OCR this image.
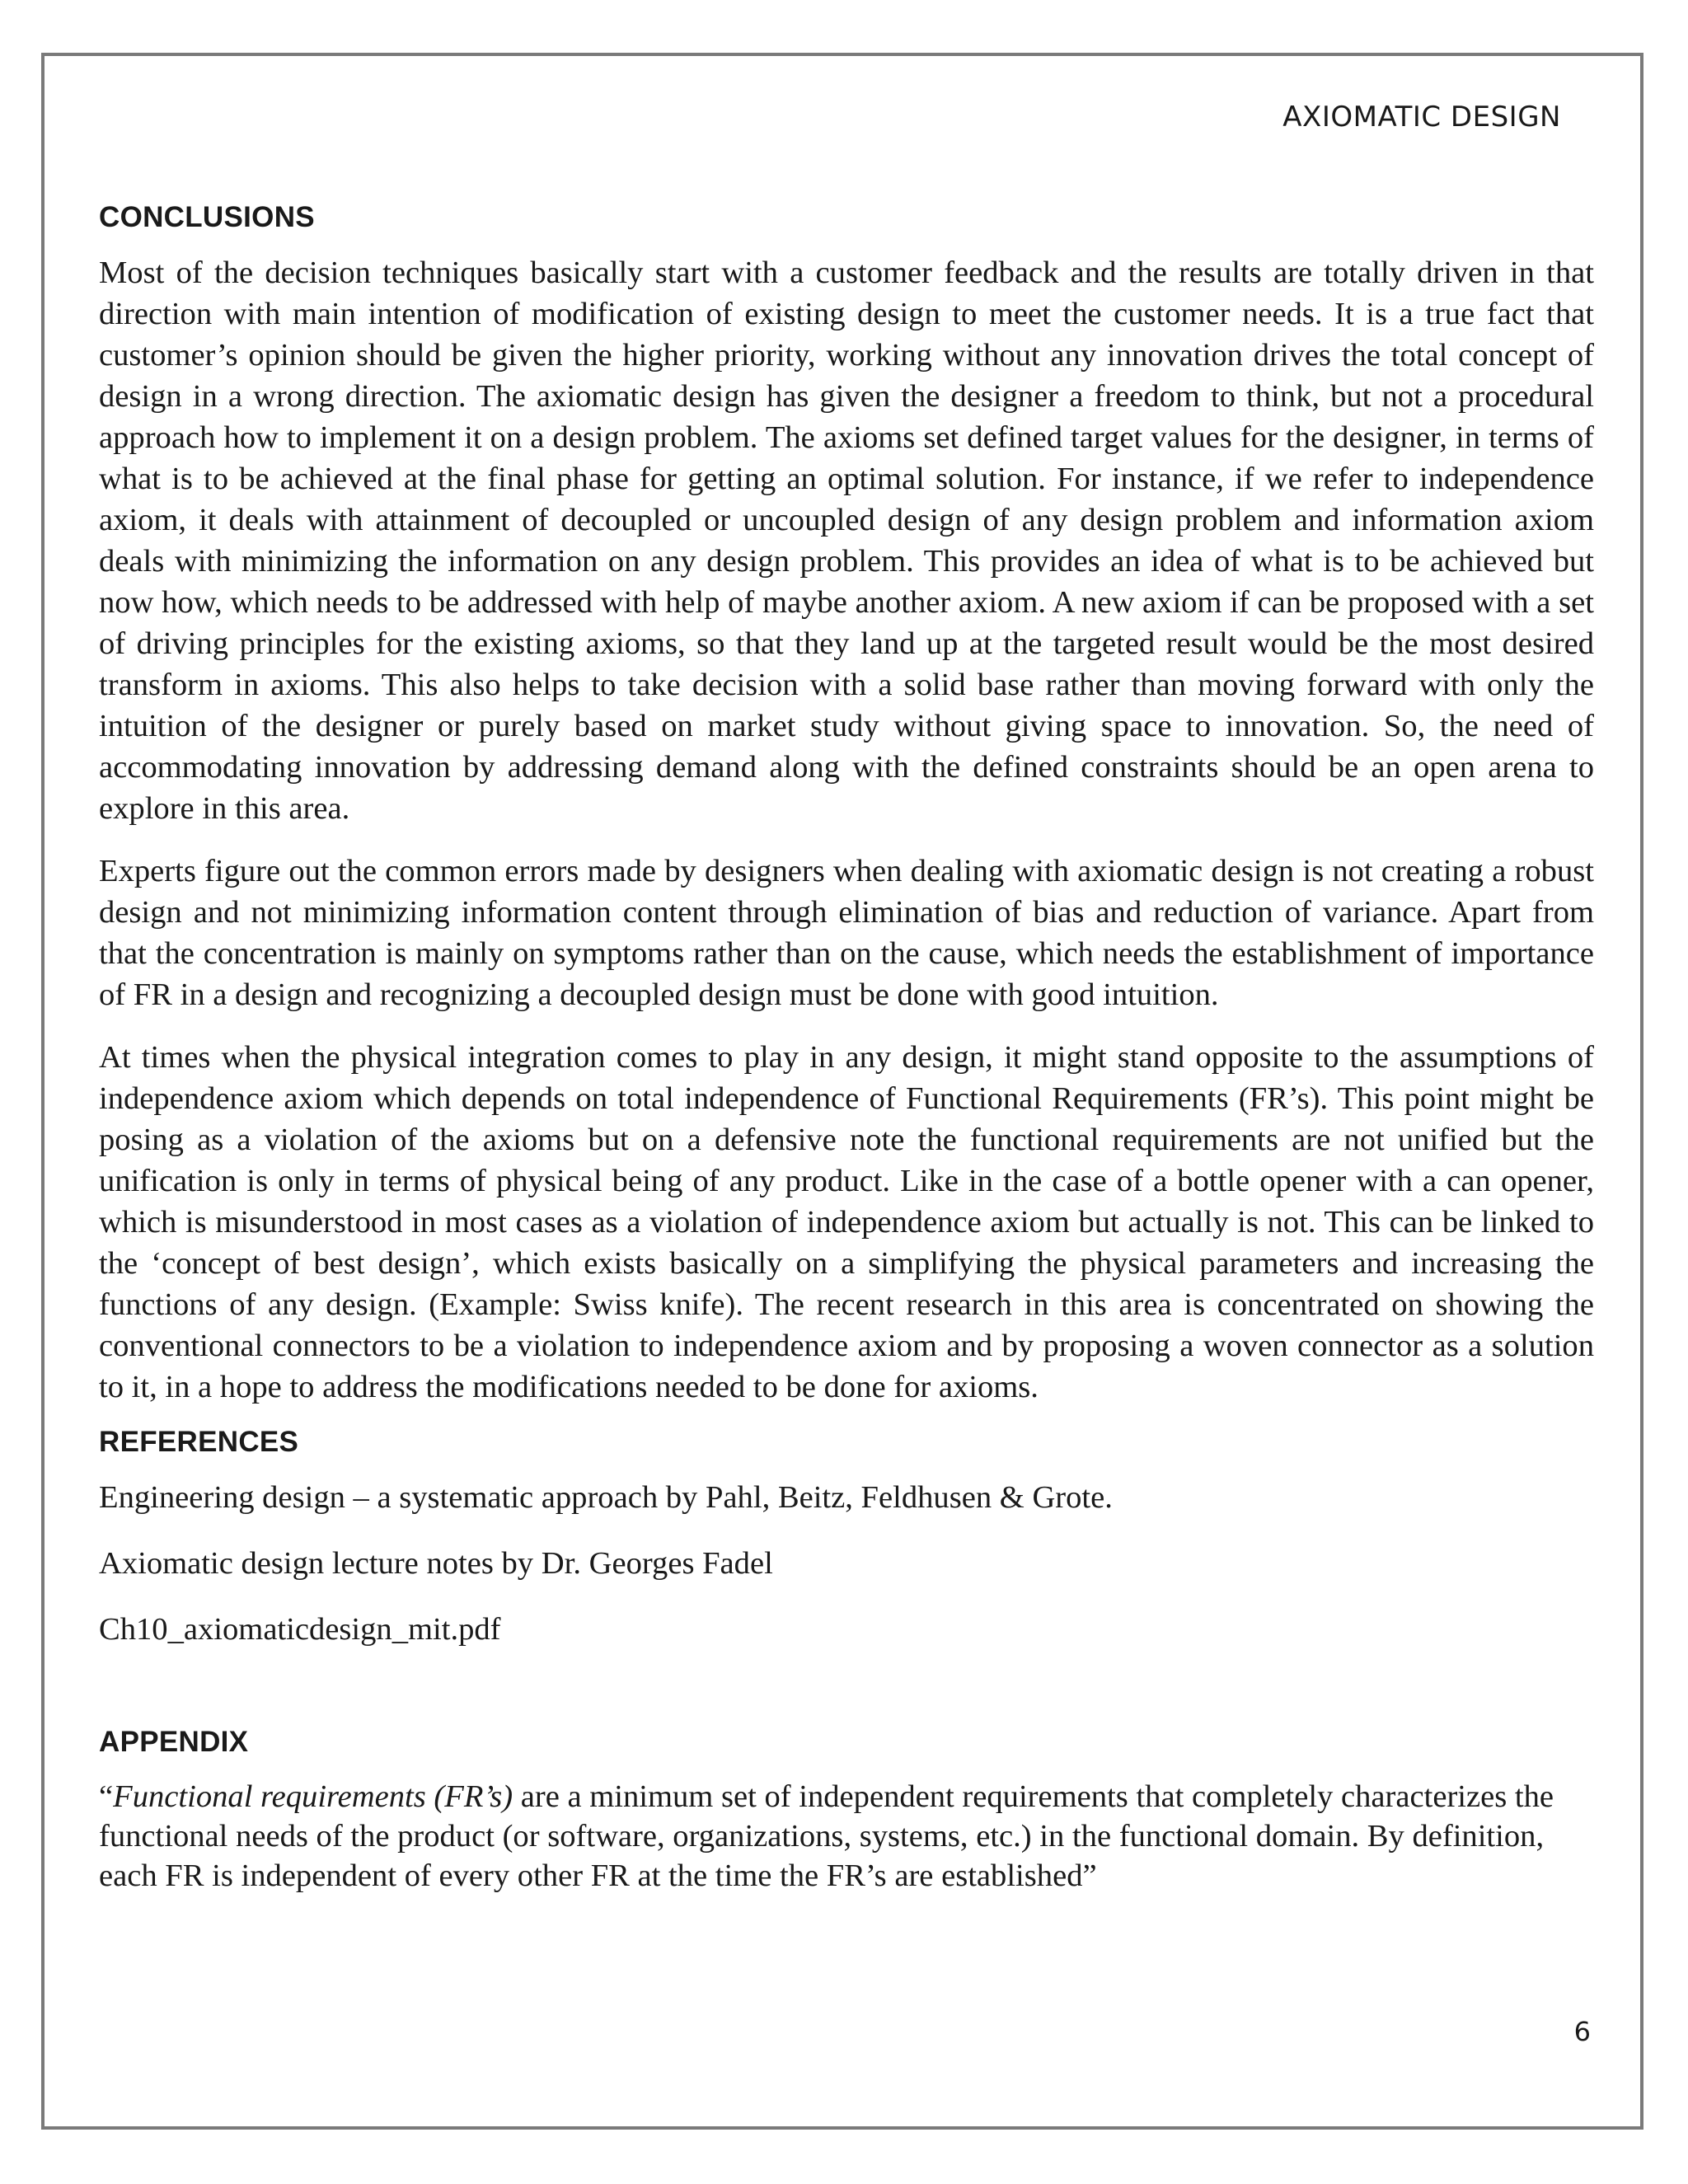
AXIOMATIC DESIGN
CONCLUSIONS

Most of the decision techniques basically start with a customer feedback and the results are totally driven in that direction with main intention of modification of existing design to meet the customer needs. It is a true fact that customer’s opinion should be given the higher priority, working without any innovation drives the total concept of design in a wrong direction. The axiomatic design has given the designer a freedom to think, but not a procedural approach how to implement it on a design problem. The axioms set defined target values for the designer, in terms of what is to be achieved at the final phase for getting an optimal solution. For instance, if we refer to independence axiom, it deals with attainment of decoupled or uncoupled design of any design problem and information axiom deals with minimizing the information on any design problem. This provides an idea of what is to be achieved but now how, which needs to be addressed with help of maybe another axiom. A new axiom if can be proposed with a set of driving principles for the existing axioms, so that they land up at the targeted result would be the most desired transform in axioms. This also helps to take decision with a solid base rather than moving forward with only the intuition of the designer or purely based on market study without giving space to innovation. So, the need of accommodating innovation by addressing demand along with the defined constraints should be an open arena to explore in this area.

Experts figure out the common errors made by designers when dealing with axiomatic design is not creating a robust design and not minimizing information content through elimination of bias and reduction of variance. Apart from that the concentration is mainly on symptoms rather than on the cause, which needs the establishment of importance of FR in a design and recognizing a decoupled design must be done with good intuition.

At times when the physical integration comes to play in any design, it might stand opposite to the assumptions of independence axiom which depends on total independence of Functional Requirements (FR’s). This point might be posing as a violation of the axioms but on a defensive note the functional requirements are not unified but the unification is only in terms of physical being of any product. Like in the case of a bottle opener with a can opener, which is misunderstood in most cases as a violation of independence axiom but actually is not. This can be linked to the ‘concept of best design’, which exists basically on a simplifying the physical parameters and increasing the functions of any design. (Example: Swiss knife). The recent research in this area is concentrated on showing the conventional connectors to be a violation to independence axiom and by proposing a woven connector as a solution to it, in a hope to address the modifications needed to be done for axioms.

REFERENCES

Engineering design – a systematic approach by Pahl, Beitz, Feldhusen & Grote.

Axiomatic design lecture notes by Dr. Georges Fadel

Ch10_axiomaticdesign_mit.pdf

APPENDIX

“Functional requirements (FR’s) are a minimum set of independent requirements that completely characterizes the functional needs of the product (or software, organizations, systems, etc.) in the functional domain. By definition, each FR is independent of every other FR at the time the FR’s are established”

6
